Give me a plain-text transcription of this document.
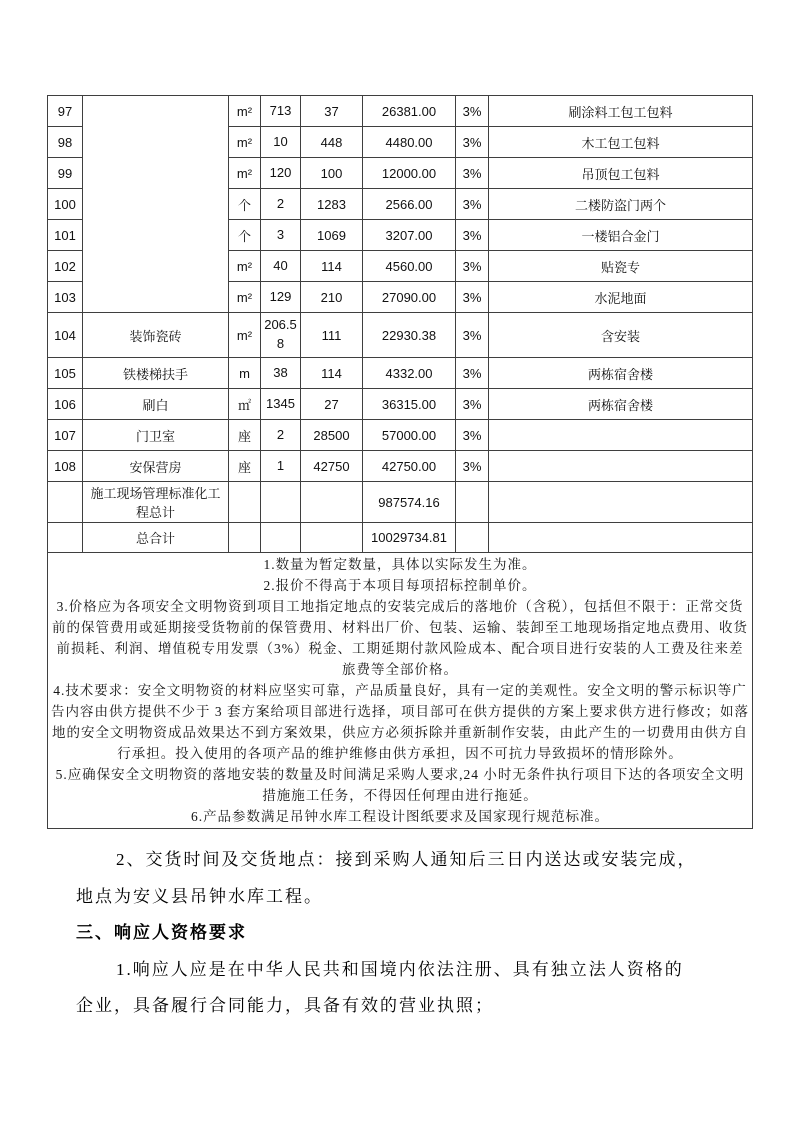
97		m²	713	37	26381.00	3%	刷涂料工包工包料
98		m²	10	448	4480.00	3%	木工包工包料
99		m²	120	100	12000.00	3%	吊顶包工包料
100		个	2	1283	2566.00	3%	二楼防盗门两个
101		个	3	1069	3207.00	3%	一楼铝合金门
102		m²	40	114	4560.00	3%	贴瓷专
103		m²	129	210	27090.00	3%	水泥地面
104	装饰瓷砖	m²	206.58	111	22930.38	3%	含安装
105	铁楼梯扶手	m	38	114	4332.00	3%	两栋宿舍楼
106	刷白	㎡	1345	27	36315.00	3%	两栋宿舍楼
107	门卫室	座	2	28500	57000.00	3%	
108	安保营房	座	1	42750	42750.00	3%	
	施工现场管理标准化工程总计				987574.16		
	总合计				10029734.81		

1.数量为暂定数量，具体以实际发生为准。

2.报价不得高于本项目每项招标控制单价。

3.价格应为各项安全文明物资到项目工地指定地点的安装完成后的落地价（含税），包括但不限于：正常交货前的保管费用或延期接受货物前的保管费用、材料出厂价、包装、运输、装卸至工地现场指定地点费用、收货前损耗、利润、增值税专用发票（3%）税金、工期延期付款风险成本、配合项目进行安装的人工费及往来差旅费等全部价格。

4.技术要求：安全文明物资的材料应坚实可靠，产品质量良好，具有一定的美观性。安全文明的警示标识等广告内容由供方提供不少于 3 套方案给项目部进行选择，项目部可在供方提供的方案上要求供方进行修改；如落地的安全文明物资成品效果达不到方案效果，供应方必须拆除并重新制作安装，由此产生的一切费用由供方自行承担。投入使用的各项产品的维护维修由供方承担，因不可抗力导致损坏的情形除外。

5.应确保安全文明物资的落地安装的数量及时间满足采购人要求,24 小时无条件执行项目下达的各项安全文明措施施工任务，不得因任何理由进行拖延。

6.产品参数满足吊钟水库工程设计图纸要求及国家现行规范标准。

2、交货时间及交货地点：接到采购人通知后三日内送达或安装完成，
地点为安义县吊钟水库工程。
三、响应人资格要求
1.响应人应是在中华人民共和国境内依法注册、具有独立法人资格的
企业，具备履行合同能力，具备有效的营业执照；
